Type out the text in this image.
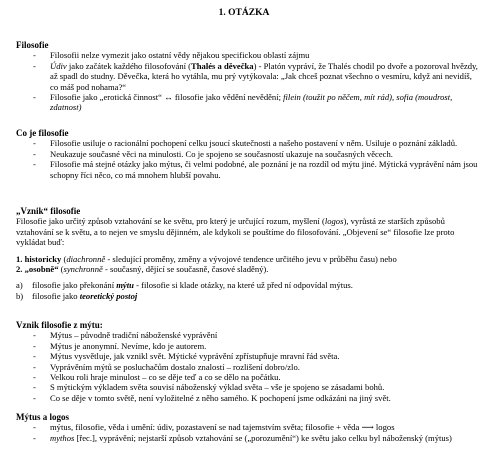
1. OTÁZKA

Filosofie

- Filosofii nelze vymezit jako ostatní vědy nějakou specifickou oblastí zájmu
- Údiv jako začátek každého filosofování (Thalés a děvečka) - Platón vypráví, že Thalés chodil po dvoře a pozoroval hvězdy, až spadl do studny. Děvečka, která ho vytáhla, mu prý vytýkovala: „Jak chceš poznat všechno o vesmíru, když ani nevidíš, co máš pod nohama?“
- Filosofie jako „erotická činnost“ ↔ filosofie jako vědění nevědění; filein (toužit po něčem, mít rád), sofia (moudrost, zdatnost)

Co je filosofie

- Filosofie usiluje o racionální pochopení celku jsoucí skutečnosti a našeho postavení v něm. Usiluje o poznání základů.
- Neukazuje současné věci na minulosti. Co je spojeno se současností ukazuje na současných věcech.
- Filosofie má stejné otázky jako mýtus, či velmi podobné, ale poznání je na rozdíl od mýtu jiné. Mýtická vyprávění nám jsou schopny říci něco, co má mnohem hlubší povahu.

„Vznik“ filosofie

Filosofie jako určitý způsob vztahování se ke světu, pro který je určující rozum, myšlení (logos), vyrůstá ze starších způsobů vztahování se k světu, a to nejen ve smyslu dějinném, ale kdykoli se pouštíme do filosofování. „Objevení se“ filosofie lze proto vykládat buď:

1. historicky (diachronně - sledující proměny, změny a vývojové tendence určitého jevu v průběhu času) nebo

2. „osobně“ (synchronně - současný, dějící se současně, časové sladěný).

a) filosofie jako překonání mýtu - filosofie si klade otázky, na které už před ní odpovídal mýtus.
b) filosofie jako teoretický postoj

Vznik filosofie z mýtu:

- Mýtus – původně tradiční náboženské vyprávění
- Mýtus je anonymní. Nevíme, kdo je autorem.
- Mýtus vysvětluje, jak vznikl svět. Mýtické vyprávění zpřístupňuje mravní řád světa.
- Vyprávěním mýtů se posluchačům dostalo znalostí – rozlišení dobro/zlo.
- Velkou roli hraje minulost – co se děje teď a co se dělo na počátku.
- S mýtickým výkladem světa souvisí náboženský výklad světa – vše je spojeno se zásadami bohů.
- Co se děje v tomto světě, není vyložitelné z něho samého. K pochopení jsme odkázáni na jiný svět.

Mýtus a logos

- mýtus, filosofie, věda i umění: údiv, pozastavení se nad tajemstvím světa; filosofie + věda ⟶ logos
- mythos [řec.], vyprávění; nejstarší způsob vztahování se („porozumění“) ke světu jako celku byl náboženský (mýtus)
